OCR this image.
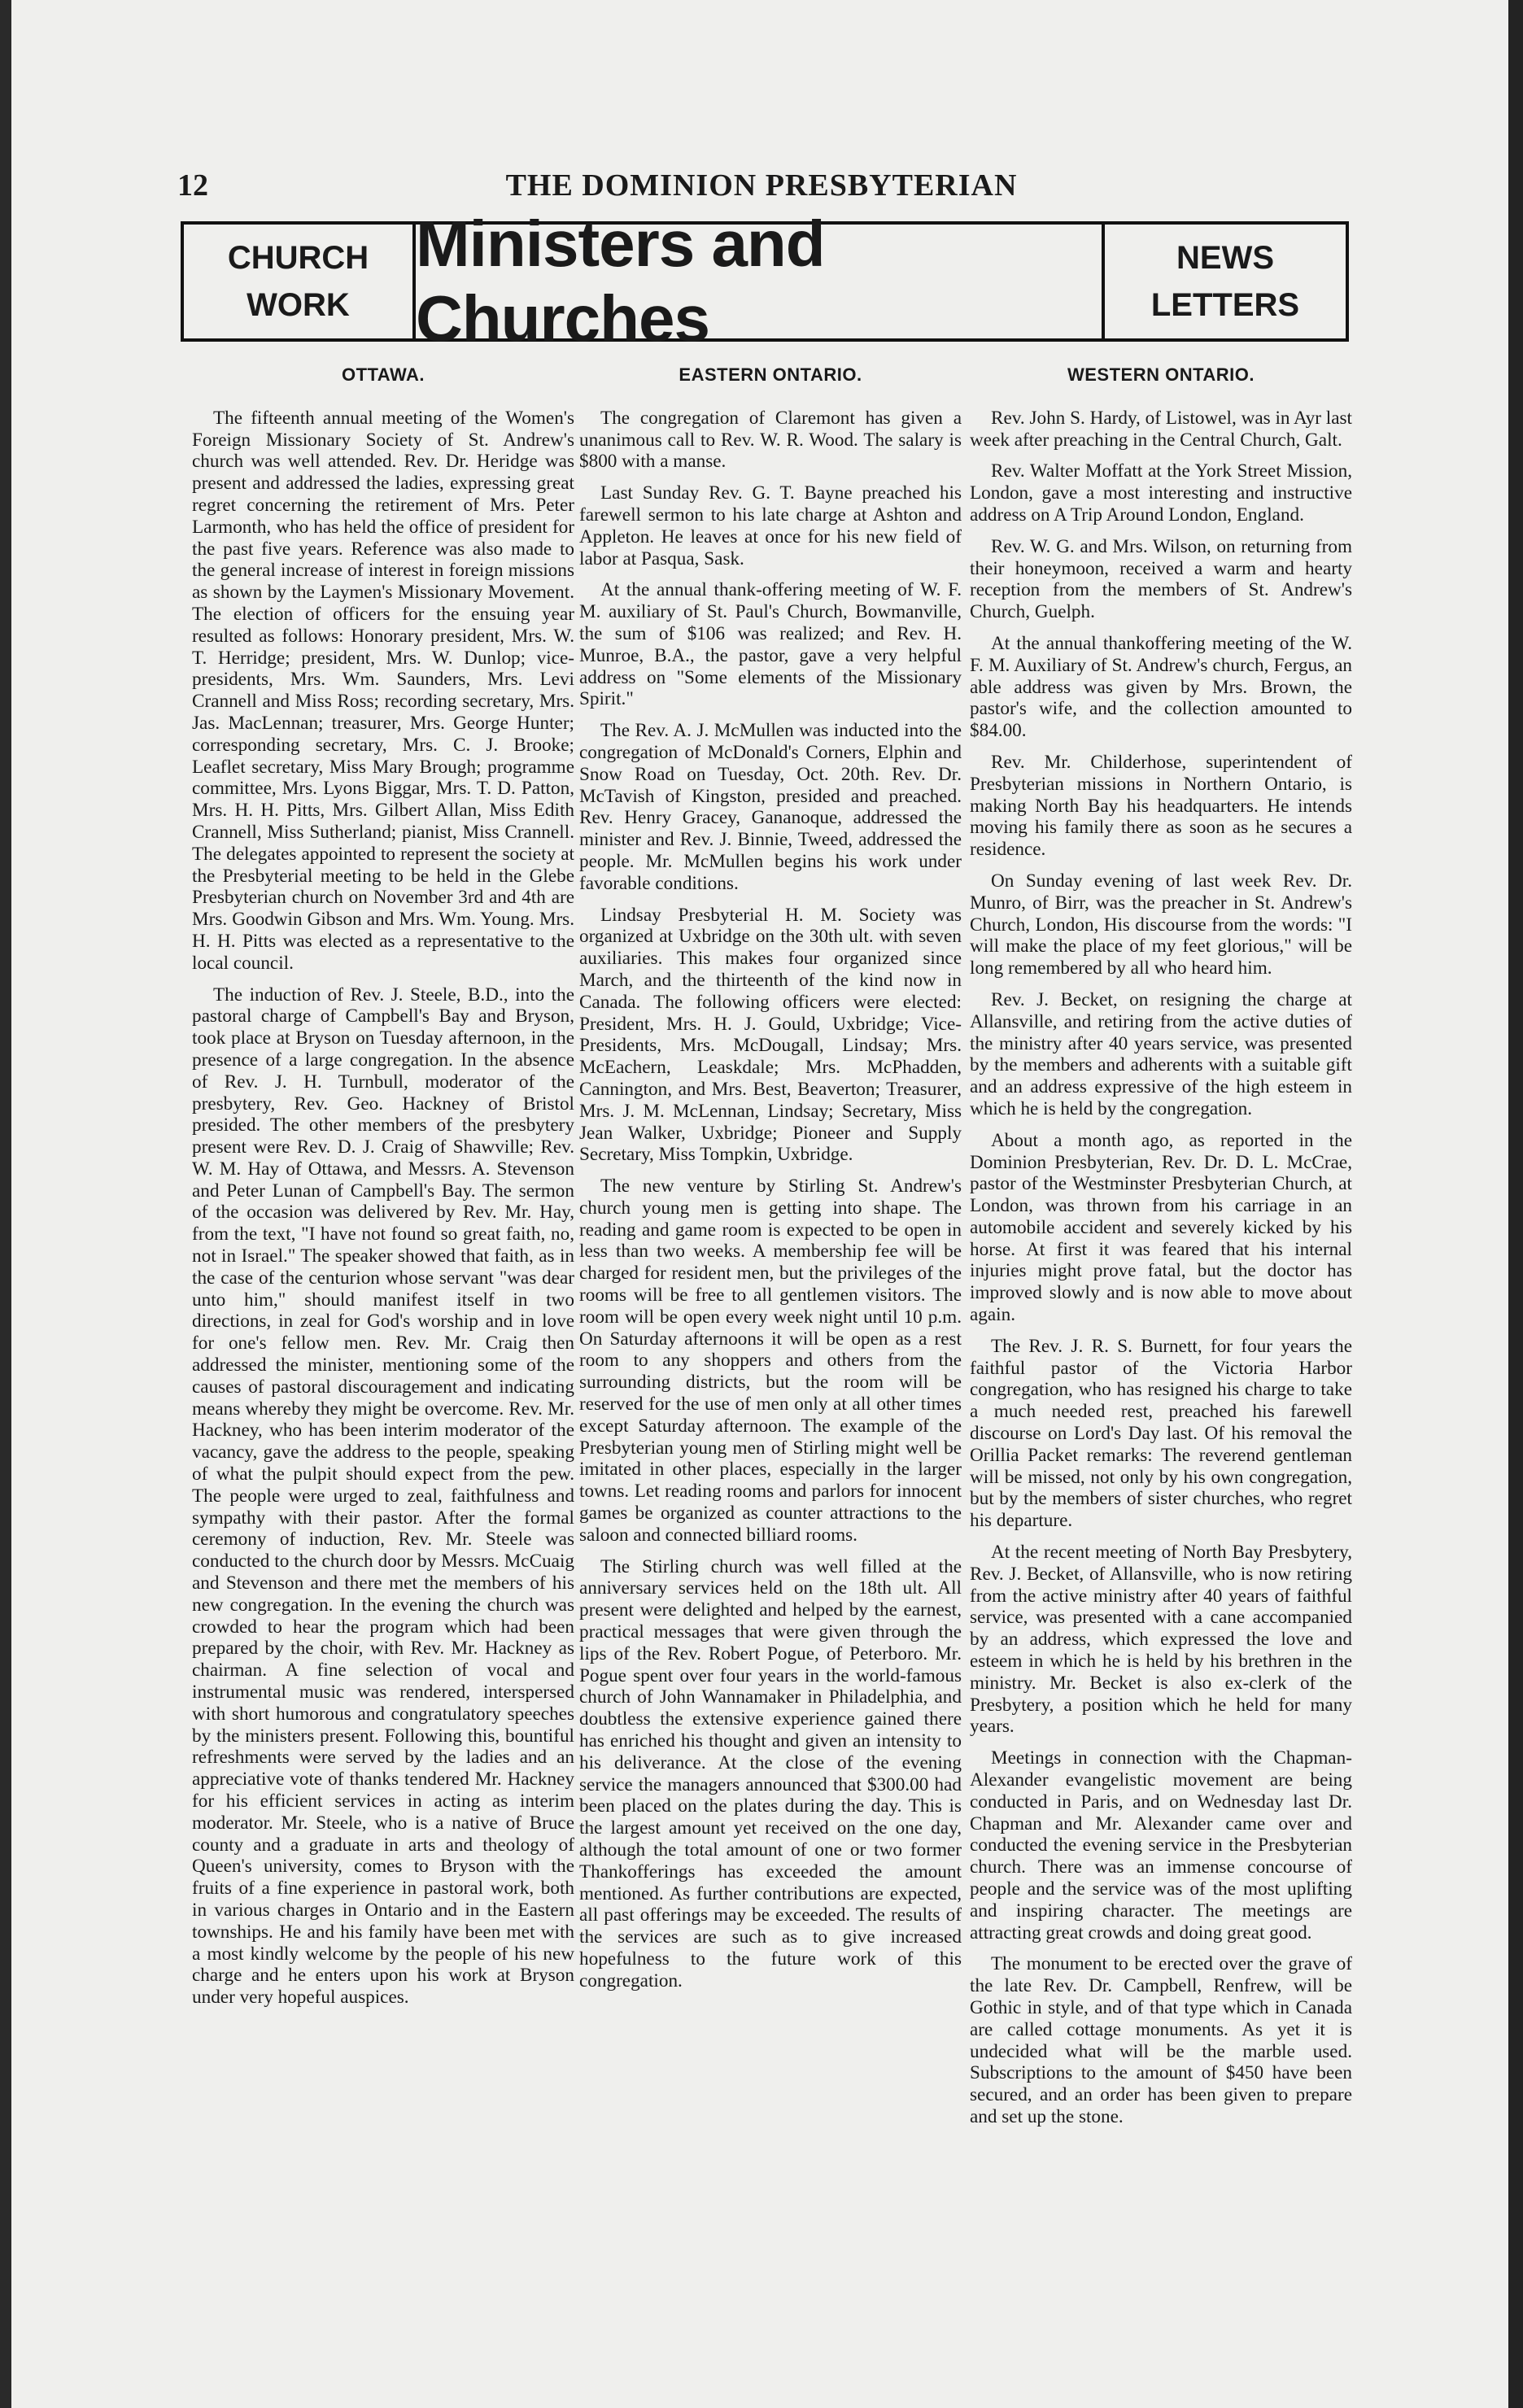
12	THE DOMINION PRESBYTERIAN
CHURCH
WORK
Ministers and Churches
NEWS
LETTERS
OTTAWA.

The fifteenth annual meeting of the Women's Foreign Missionary Society of St. Andrew's church was well attended. Rev. Dr. Heridge was present and addressed the ladies, expressing great regret concerning the retirement of Mrs. Peter Larmonth, who has held the office of president for the past five years. Reference was also made to the general increase of interest in foreign missions as shown by the Laymen's Missionary Movement. The election of officers for the ensuing year resulted as follows: Honorary president, Mrs. W. T. Herridge; president, Mrs. W. Dunlop; vice-presidents, Mrs. Wm. Saunders, Mrs. Levi Crannell and Miss Ross; recording secretary, Mrs. Jas. MacLennan; treasurer, Mrs. George Hunter; corresponding secretary, Mrs. C. J. Brooke; Leaflet secretary, Miss Mary Brough; programme committee, Mrs. Lyons Biggar, Mrs. T. D. Patton, Mrs. H. H. Pitts, Mrs. Gilbert Allan, Miss Edith Crannell, Miss Sutherland; pianist, Miss Crannell. The delegates appointed to represent the society at the Presbyterial meeting to be held in the Glebe Presbyterian church on November 3rd and 4th are Mrs. Goodwin Gibson and Mrs. Wm. Young. Mrs. H. H. Pitts was elected as a representative to the local council.

The induction of Rev. J. Steele, B.D., into the pastoral charge of Campbell's Bay and Bryson, took place at Bryson on Tuesday afternoon, in the presence of a large congregation. In the absence of Rev. J. H. Turnbull, moderator of the presbytery, Rev. Geo. Hackney of Bristol presided. The other members of the presbytery present were Rev. D. J. Craig of Shawville; Rev. W. M. Hay of Ottawa, and Messrs. A. Stevenson and Peter Lunan of Campbell's Bay. The sermon of the occasion was delivered by Rev. Mr. Hay, from the text, "I have not found so great faith, no, not in Israel." The speaker showed that faith, as in the case of the centurion whose servant "was dear unto him," should manifest itself in two directions, in zeal for God's worship and in love for one's fellow men. Rev. Mr. Craig then addressed the minister, mentioning some of the causes of pastoral discouragement and indicating means whereby they might be overcome. Rev. Mr. Hackney, who has been interim moderator of the vacancy, gave the address to the people, speaking of what the pulpit should expect from the pew. The people were urged to zeal, faithfulness and sympathy with their pastor. After the formal ceremony of induction, Rev. Mr. Steele was conducted to the church door by Messrs. McCuaig and Stevenson and there met the members of his new congregation. In the evening the church was crowded to hear the program which had been prepared by the choir, with Rev. Mr. Hackney as chairman. A fine selection of vocal and instrumental music was rendered, interspersed with short humorous and congratulatory speeches by the ministers present. Following this, bountiful refreshments were served by the ladies and an appreciative vote of thanks tendered Mr. Hackney for his efficient services in acting as interim moderator. Mr. Steele, who is a native of Bruce county and a graduate in arts and theology of Queen's university, comes to Bryson with the fruits of a fine experience in pastoral work, both in various charges in Ontario and in the Eastern townships. He and his family have been met with a most kindly welcome by the people of his new charge and he enters upon his work at Bryson under very hopeful auspices.

EASTERN ONTARIO.

The congregation of Claremont has given a unanimous call to Rev. W. R. Wood. The salary is $800 with a manse.

Last Sunday Rev. G. T. Bayne preached his farewell sermon to his late charge at Ashton and Appleton. He leaves at once for his new field of labor at Pasqua, Sask.

At the annual thank-offering meeting of W. F. M. auxiliary of St. Paul's Church, Bowmanville, the sum of $106 was realized; and Rev. H. Munroe, B.A., the pastor, gave a very helpful address on "Some elements of the Missionary Spirit."

The Rev. A. J. McMullen was inducted into the congregation of McDonald's Corners, Elphin and Snow Road on Tuesday, Oct. 20th. Rev. Dr. McTavish of Kingston, presided and preached. Rev. Henry Gracey, Gananoque, addressed the minister and Rev. J. Binnie, Tweed, addressed the people. Mr. McMullen begins his work under favorable conditions.

Lindsay Presbyterial H. M. Society was organized at Uxbridge on the 30th ult. with seven auxiliaries. This makes four organized since March, and the thirteenth of the kind now in Canada. The following officers were elected: President, Mrs. H. J. Gould, Uxbridge; Vice-Presidents, Mrs. McDougall, Lindsay; Mrs. McEachern, Leaskdale; Mrs. McPhadden, Cannington, and Mrs. Best, Beaverton; Treasurer, Mrs. J. M. McLennan, Lindsay; Secretary, Miss Jean Walker, Uxbridge; Pioneer and Supply Secretary, Miss Tompkin, Uxbridge.

The new venture by Stirling St. Andrew's church young men is getting into shape. The reading and game room is expected to be open in less than two weeks. A membership fee will be charged for resident men, but the privileges of the rooms will be free to all gentlemen visitors. The room will be open every week night until 10 p.m. On Saturday afternoons it will be open as a rest room to any shoppers and others from the surrounding districts, but the room will be reserved for the use of men only at all other times except Saturday afternoon. The example of the Presbyterian young men of Stirling might well be imitated in other places, especially in the larger towns. Let reading rooms and parlors for innocent games be organized as counter attractions to the saloon and connected billiard rooms.

The Stirling church was well filled at the anniversary services held on the 18th ult. All present were delighted and helped by the earnest, practical messages that were given through the lips of the Rev. Robert Pogue, of Peterboro. Mr. Pogue spent over four years in the world-famous church of John Wannamaker in Philadelphia, and doubtless the extensive experience gained there has enriched his thought and given an intensity to his deliverance. At the close of the evening service the managers announced that $300.00 had been placed on the plates during the day. This is the largest amount yet received on the one day, although the total amount of one or two former Thankofferings has exceeded the amount mentioned. As further contributions are expected, all past offerings may be exceeded. The results of the services are such as to give increased hopefulness to the future work of this congregation.

WESTERN ONTARIO.

Rev. John S. Hardy, of Listowel, was in Ayr last week after preaching in the Central Church, Galt.

Rev. Walter Moffatt at the York Street Mission, London, gave a most interesting and instructive address on A Trip Around London, England.

Rev. W. G. and Mrs. Wilson, on returning from their honeymoon, received a warm and hearty reception from the members of St. Andrew's Church, Guelph.

At the annual thankoffering meeting of the W. F. M. Auxiliary of St. Andrew's church, Fergus, an able address was given by Mrs. Brown, the pastor's wife, and the collection amounted to $84.00.

Rev. Mr. Childerhose, superintendent of Presbyterian missions in Northern Ontario, is making North Bay his headquarters. He intends moving his family there as soon as he secures a residence.

On Sunday evening of last week Rev. Dr. Munro, of Birr, was the preacher in St. Andrew's Church, London, His discourse from the words: "I will make the place of my feet glorious," will be long remembered by all who heard him.

Rev. J. Becket, on resigning the charge at Allansville, and retiring from the active duties of the ministry after 40 years service, was presented by the members and adherents with a suitable gift and an address expressive of the high esteem in which he is held by the congregation.

About a month ago, as reported in the Dominion Presbyterian, Rev. Dr. D. L. McCrae, pastor of the Westminster Presbyterian Church, at London, was thrown from his carriage in an automobile accident and severely kicked by his horse. At first it was feared that his internal injuries might prove fatal, but the doctor has improved slowly and is now able to move about again.

The Rev. J. R. S. Burnett, for four years the faithful pastor of the Victoria Harbor congregation, who has resigned his charge to take a much needed rest, preached his farewell discourse on Lord's Day last. Of his removal the Orillia Packet remarks: The reverend gentleman will be missed, not only by his own congregation, but by the members of sister churches, who regret his departure.

At the recent meeting of North Bay Presbytery, Rev. J. Becket, of Allansville, who is now retiring from the active ministry after 40 years of faithful service, was presented with a cane accompanied by an address, which expressed the love and esteem in which he is held by his brethren in the ministry. Mr. Becket is also ex-clerk of the Presbytery, a position which he held for many years.

Meetings in connection with the Chapman-Alexander evangelistic movement are being conducted in Paris, and on Wednesday last Dr. Chapman and Mr. Alexander came over and conducted the evening service in the Presbyterian church. There was an immense concourse of people and the service was of the most uplifting and inspiring character. The meetings are attracting great crowds and doing great good.

The monument to be erected over the grave of the late Rev. Dr. Campbell, Renfrew, will be Gothic in style, and of that type which in Canada are called cottage monuments. As yet it is undecided what will be the marble used. Subscriptions to the amount of $450 have been secured, and an order has been given to prepare and set up the stone.
